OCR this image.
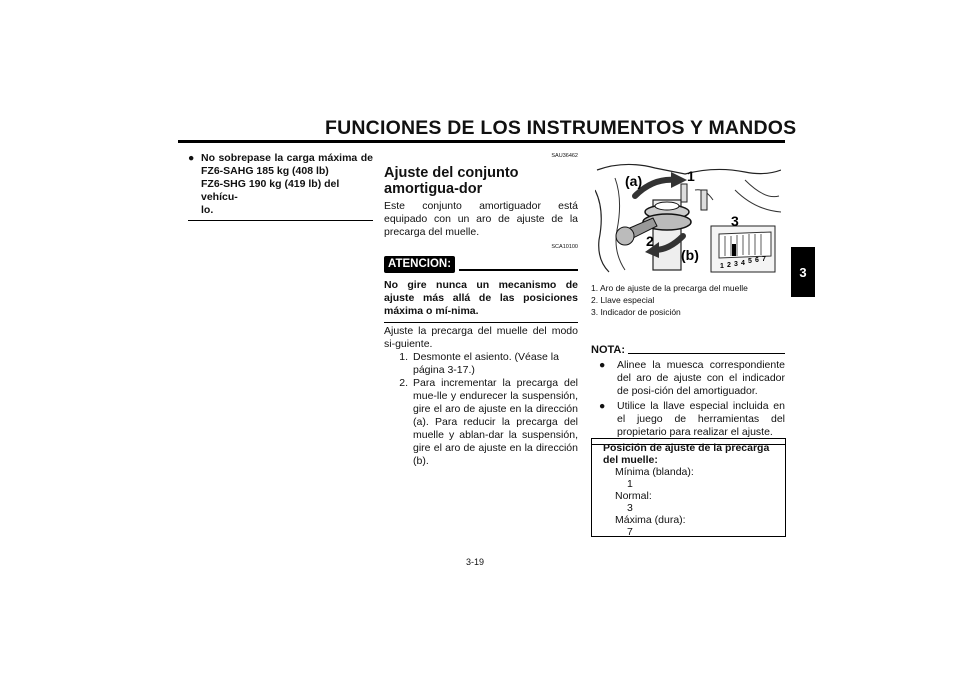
FUNCIONES DE LOS INSTRUMENTOS Y MANDOS
3
● No sobrepase la carga máxima de
FZ6-SAHG 185 kg (408 lb)
FZ6-SHG 190 kg (419 lb) del vehícu-
lo.
SAU36462
Ajuste del conjunto amortigua-dor
Este conjunto amortiguador está equipado con un aro de ajuste de la precarga del muelle.
SCA10100
ATENCION:
No gire nunca un mecanismo de ajuste más allá de las posiciones máxima o mí-nima.
Ajuste la precarga del muelle del modo si-guiente.
1. Desmonte el asiento. (Véase la página 3-17.)
2. Para incrementar la precarga del mue-lle y endurecer la suspensión, gire el aro de ajuste en la dirección (a). Para reducir la precarga del muelle y ablan-dar la suspensión, gire el aro de ajuste en la dirección (b).
(a)	1
2
(b)
3
1 2 3 4 5 6 7
1. Aro de ajuste de la precarga del muelle
2. Llave especial
3. Indicador de posición
NOTA:
●	Alinee la muesca correspondiente del aro de ajuste con el indicador de posi-ción del amortiguador.
●	Utilice la llave especial incluida en el juego de herramientas del propietario para realizar el ajuste.
Posición de ajuste de la precarga del muelle:
Mínima (blanda):
1
Normal:
3
Máxima (dura):
7
3-19
